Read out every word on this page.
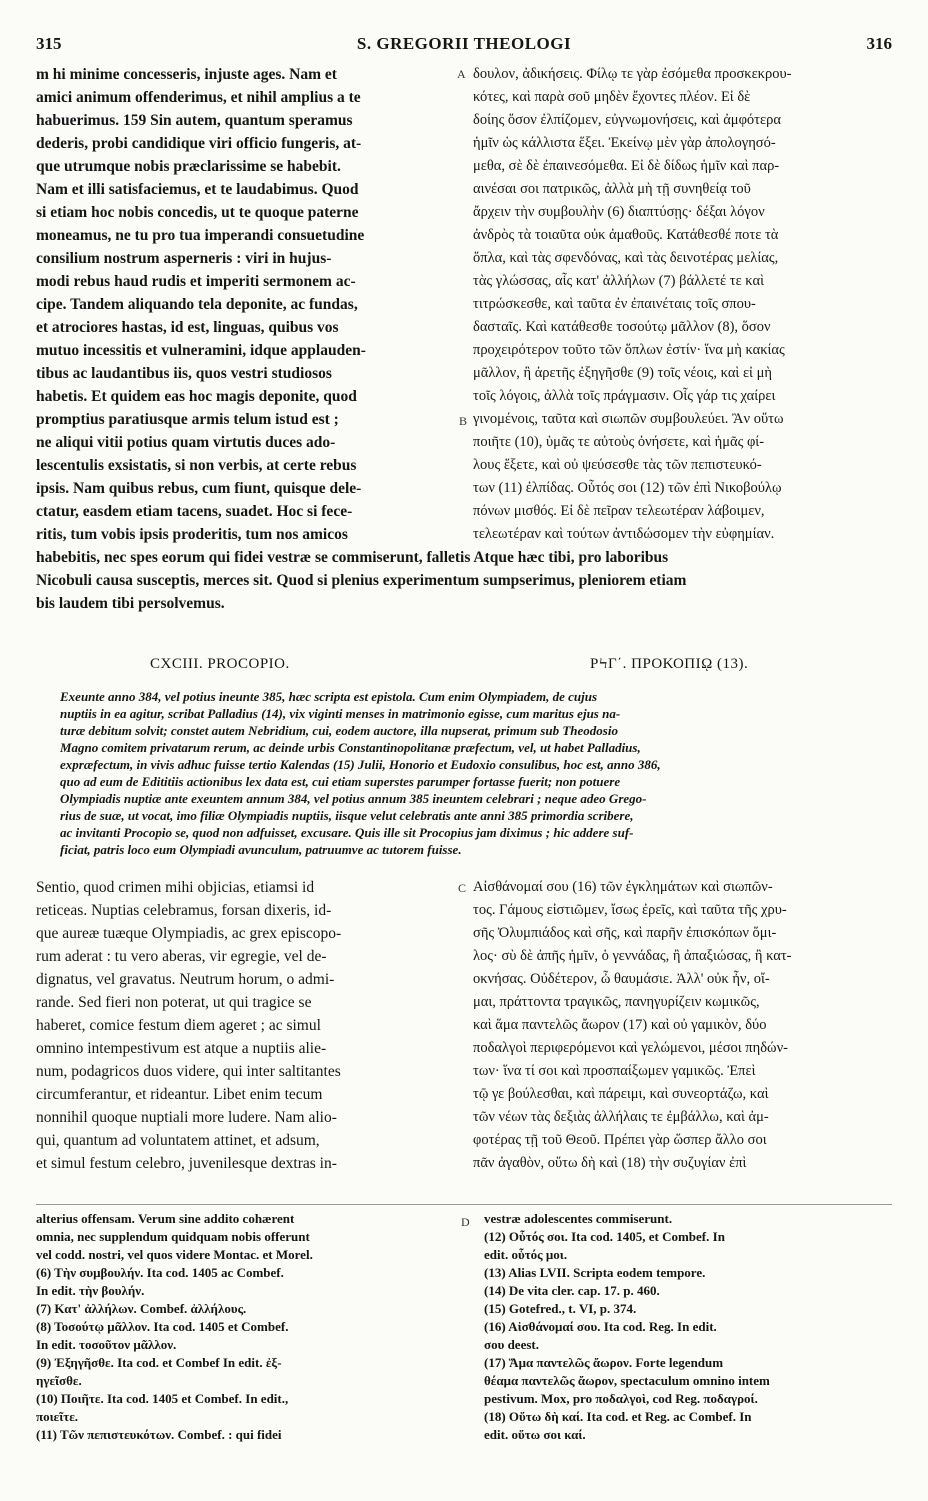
315	S. GREGORII THEOLOGI	316
m hi minime concesseris, injuste ages. Nam et
amici animum offenderimus, et nihil amplius a te
habuerimus. 159 Sin autem, quantum speramus
dederis, probi candidique viri officio fungeris, at-
que utrumque nobis præclarissime se habebit.
Nam et illi satisfaciemus, et te laudabimus. Quod
si etiam hoc nobis concedis, ut te quoque paterne
moneamus, ne tu pro tua imperandi consuetudine
consilium nostrum asperneris : viri in hujus-
modi rebus haud rudis et imperiti sermonem ac-
cipe. Tandem aliquando tela deponite, ac fundas,
et atrociores hastas, id est, linguas, quibus vos
mutuo incessitis et vulneramini, idque applauden-
tibus ac laudantibus iis, quos vestri studiosos
habetis. Et quidem eas hoc magis deponite, quod
promptius paratiusque armis telum istud est ;
ne aliqui vitii potius quam virtutis duces ado-
lescentulis exsistatis, si non verbis, at certe rebus
ipsis. Nam quibus rebus, cum fiunt, quisque dele-
ctatur, easdem etiam tacens, suadet. Hoc si fece-
ritis, tum vobis ipsis proderitis, tum nos amicos
δουλον, ἀδικήσεις. Φίλῳ τε γὰρ ἐσόμεθα προσκεκρου-
κότες, καὶ παρὰ σοῦ μηδὲν ἔχοντες πλέον. Εἰ δὲ
δοίης ὅσον ἐλπίζομεν, εὐγνωμονήσεις, καὶ ἀμφότερα
ἡμῖν ὡς κάλλιστα ἕξει. Ἐκείνῳ μὲν γὰρ ἀπολογησό-
μεθα, σὲ δὲ ἐπαινεσόμεθα. Εἰ δὲ δίδως ἡμῖν καὶ παρ-
αινέσαι σοι πατρικῶς, ἀλλὰ μὴ τῇ συνηθείᾳ τοῦ
ἄρχειν τὴν συμβουλὴν (6) διαπτύσῃς· δέξαι λόγον
ἀνδρὸς τὰ τοιαῦτα οὐκ ἀμαθοῦς. Κατάθεσθέ ποτε τὰ
ὅπλα, καὶ τὰς σφενδόνας, καὶ τὰς δεινοτέρας μελίας,
τὰς γλώσσας, αἷς κατ' ἀλλήλων (7) βάλλετέ τε καὶ
τιτρώσκεσθε, καὶ ταῦτα ἐν ἐπαινέταις τοῖς σπου-
δασταῖς. Καὶ κατάθεσθε τοσούτῳ μᾶλλον (8), ὅσον
προχειρότερον τοῦτο τῶν ὅπλων ἐστίν· ἵνα μὴ κακίας
μᾶλλον, ἢ ἀρετῆς ἐξηγῆσθε (9) τοῖς νέοις, καὶ εἰ μὴ
τοῖς λόγοις, ἀλλὰ τοῖς πράγμασιν. Οἷς γάρ τις χαίρει
γινομένοις, ταῦτα καὶ σιωπῶν συμβουλεύει. Ἂν οὕτω
ποιῆτε (10), ὑμᾶς τε αὐτοὺς ὀνήσετε, καὶ ἡμᾶς φί-
λους ἕξετε, καὶ οὐ ψεύσεσθε τὰς τῶν πεπιστευκό-
των (11) ἐλπίδας. Οὗτός σοι (12) τῶν ἐπὶ Νικοβούλῳ
πόνων μισθός. Εἰ δὲ πεῖραν τελεωτέραν λάβοιμεν,
τελεωτέραν καὶ τούτων ἀντιδώσομεν τὴν εὐφημίαν.
A
B
habebitis, nec spes eorum qui fidei vestræ se commiserunt, falletis Atque hæc tibi, pro laboribus
Nicobuli causa susceptis, merces sit. Quod si plenius experimentum sumpserimus, pleniorem etiam
bis laudem tibi persolvemus.
CXCIII. PROCOPIO.	ΡϞΓ΄. ΠΡΟΚΟΠΙῼ (13).
Exeunte anno 384, vel potius ineunte 385, hæc scripta est epistola. Cum enim Olympiadem, de cujus
nuptiis in ea agitur, scribat Palladius (14), vix viginti menses in matrimonio egisse, cum maritus ejus na-
turæ debitum solvit; constet autem Nebridium, cui, eodem auctore, illa nupserat, primum sub Theodosio
Magno comitem privatarum rerum, ac deinde urbis Constantinopolitanæ præfectum, vel, ut habet Palladius,
expræfectum, in vivis adhuc fuisse tertio Kalendas (15) Julii, Honorio et Eudoxio consulibus, hoc est, anno 386,
quo ad eum de Edititiis actionibus lex data est, cui etiam superstes parumper fortasse fuerit; non potuere
Olympiadis nuptiæ ante exeuntem annum 384, vel potius annum 385 ineuntem celebrari ; neque adeo Grego-
rius de suæ, ut vocat, imo filiæ Olympiadis nuptiis, iisque velut celebratis ante anni 385 primordia scribere,
ac invitanti Procopio se, quod non adfuisset, excusare. Quis ille sit Procopius jam diximus ; hic addere suf-
ficiat, patris loco eum Olympiadi avunculum, patruumve ac tutorem fuisse.
Sentio, quod crimen mihi objicias, etiamsi id
reticeas. Nuptias celebramus, forsan dixeris, id-
que aureæ tuæque Olympiadis, ac grex episcopo-
rum aderat : tu vero aberas, vir egregie, vel de-
dignatus, vel gravatus. Neutrum horum, o admi-
rande. Sed fieri non poterat, ut qui tragice se
haberet, comice festum diem ageret ; ac simul
omnino intempestivum est atque a nuptiis alie-
num, podagricos duos videre, qui inter saltitantes
circumferantur, et rideantur. Libet enim tecum
nonnihil quoque nuptiali more ludere. Nam alio-
qui, quantum ad voluntatem attinet, et adsum,
et simul festum celebro, juvenilesque dextras in-
Αἰσθάνομαί σου (16) τῶν ἐγκλημάτων καὶ σιωπῶν-
τος. Γάμους εἰστιῶμεν, ἴσως ἐρεῖς, καὶ ταῦτα τῆς χρυ-
σῆς Ὀλυμπιάδος καὶ σῆς, καὶ παρῆν ἐπισκόπων ὅμι-
λος· σὺ δὲ ἀπῆς ἡμῖν, ὁ γεννάδας, ἢ ἀπαξιώσας, ἢ κατ-
οκνήσας. Οὐδέτερον, ὦ θαυμάσιε. Ἀλλ' οὐκ ἦν, οἴ-
μαι, πράττοντα τραγικῶς, πανηγυρίζειν κωμικῶς,
καὶ ἅμα παντελῶς ἄωρον (17) καὶ οὐ γαμικὸν, δύο
ποδαλγοὶ περιφερόμενοι καὶ γελώμενοι, μέσοι πηδών-
των· ἵνα τί σοι καὶ προσπαίξωμεν γαμικῶς. Ἐπεὶ
τῷ γε βούλεσθαι, καὶ πάρειμι, καὶ συνεορτάζω, καὶ
τῶν νέων τὰς δεξιὰς ἀλλήλαις τε ἐμβάλλω, καὶ ἀμ-
φοτέρας τῇ τοῦ Θεοῦ. Πρέπει γὰρ ὥσπερ ἄλλο σοι
πᾶν ἀγαθὸν, οὕτω δὴ καὶ (18) τὴν συζυγίαν ἐπὶ
C
D
alterius offensam. Verum sine addito cohærent
omnia, nec supplendum quidquam nobis offerunt
vel codd. nostri, vel quos videre Montac. et Morel.
(6) Τὴν συμβουλήν. Ita cod. 1405 ac Combef.
In edit. τὴν βουλήν.
(7) Κατ' ἀλλήλων. Combef. ἀλλήλους.
(8) Τοσούτῳ μᾶλλον. Ita cod. 1405 et Combef.
In edit. τοσοῦτον μᾶλλον.
(9) Ἐξηγῆσθε. Ita cod. et Combef In edit. ἐξ-
ηγεῖσθε.
(10) Ποιῆτε. Ita cod. 1405 et Combef. In edit.,
ποιεῖτε.
(11) Τῶν πεπιστευκότων. Combef. : qui fidei
vestræ adolescentes commiserunt.
(12) Οὗτός σοι. Ita cod. 1405, et Combef. In
edit. οὗτός μοι.
(13) Alias LVII. Scripta eodem tempore.
(14) De vita cler. cap. 17. p. 460.
(15) Gotefred., t. VI, p. 374.
(16) Αἰσθάνομαί σου. Ita cod. Reg. In edit.
σου deest.
(17) Ἅμα παντελῶς ἄωρον. Forte legendum
θέαμα παντελῶς ἄωρον, spectaculum omnino intem
pestivum. Mox, pro ποδαλγοὶ, cod Reg. ποδαγροί.
(18) Οὕτω δὴ καί. Ita cod. et Reg. ac Combef. In
edit. οὕτω σοι καί.
